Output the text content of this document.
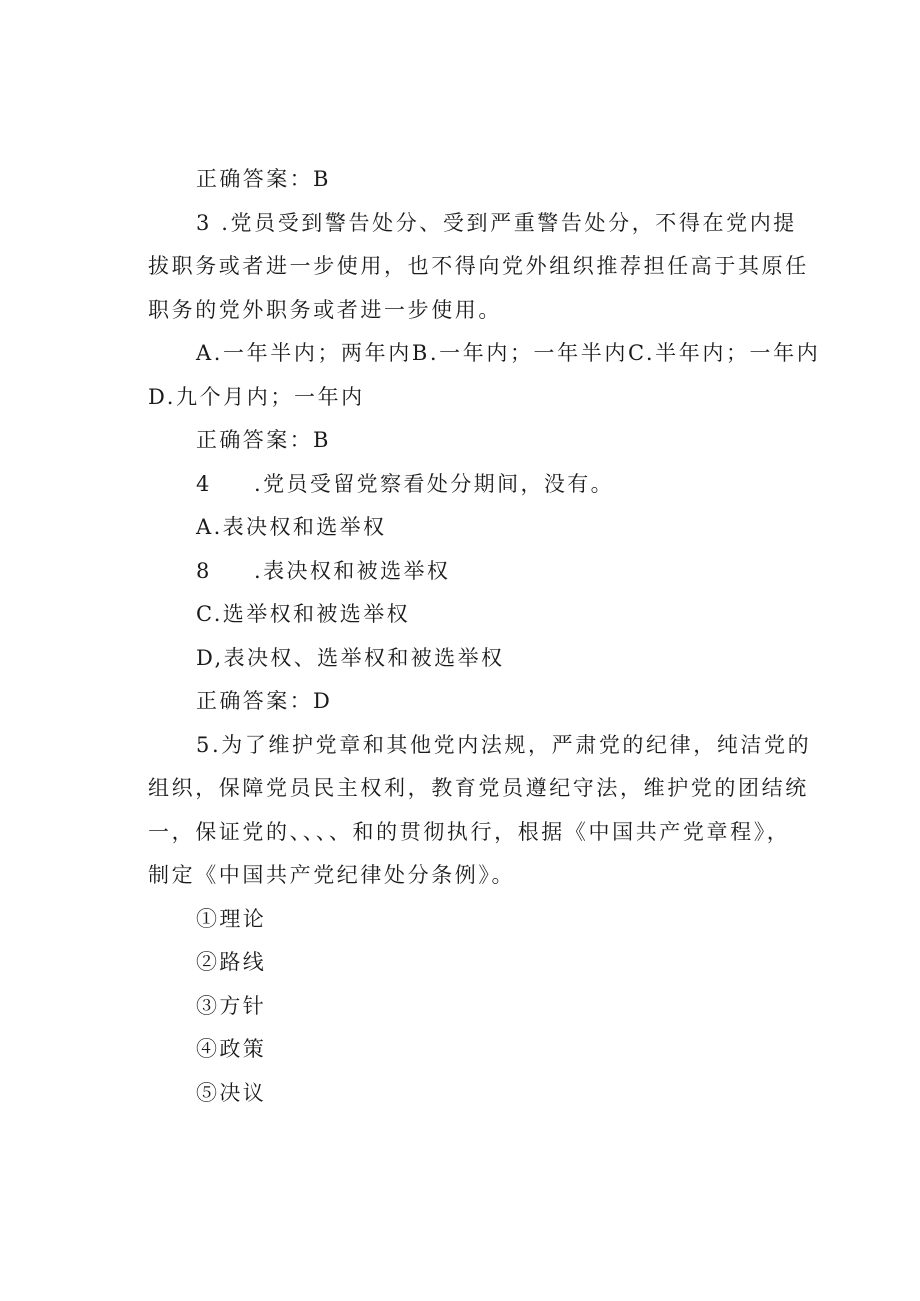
正确答案：B
3 .党员受到警告处分、受到严重警告处分，不得在党内提
拔职务或者进一步使用，也不得向党外组织推荐担任高于其原任
职务的党外职务或者进一步使用。
A.一年半内；两年内B.一年内；一年半内C.半年内；一年内
D.九个月内；一年内
正确答案：B
4 .党员受留党察看处分期间，没有。
A.表决权和选举权
8 .表决权和被选举权
C.选举权和被选举权
D,表决权、选举权和被选举权
正确答案：D
5.为了维护党章和其他党内法规，严肃党的纪律，纯洁党的
组织，保障党员民主权利，教育党员遵纪守法，维护党的团结统
一，保证党的、、、、和的贯彻执行，根据《中国共产党章程》，
制定《中国共产党纪律处分条例》。
①理论
②路线
③方针
④政策
⑤决议
